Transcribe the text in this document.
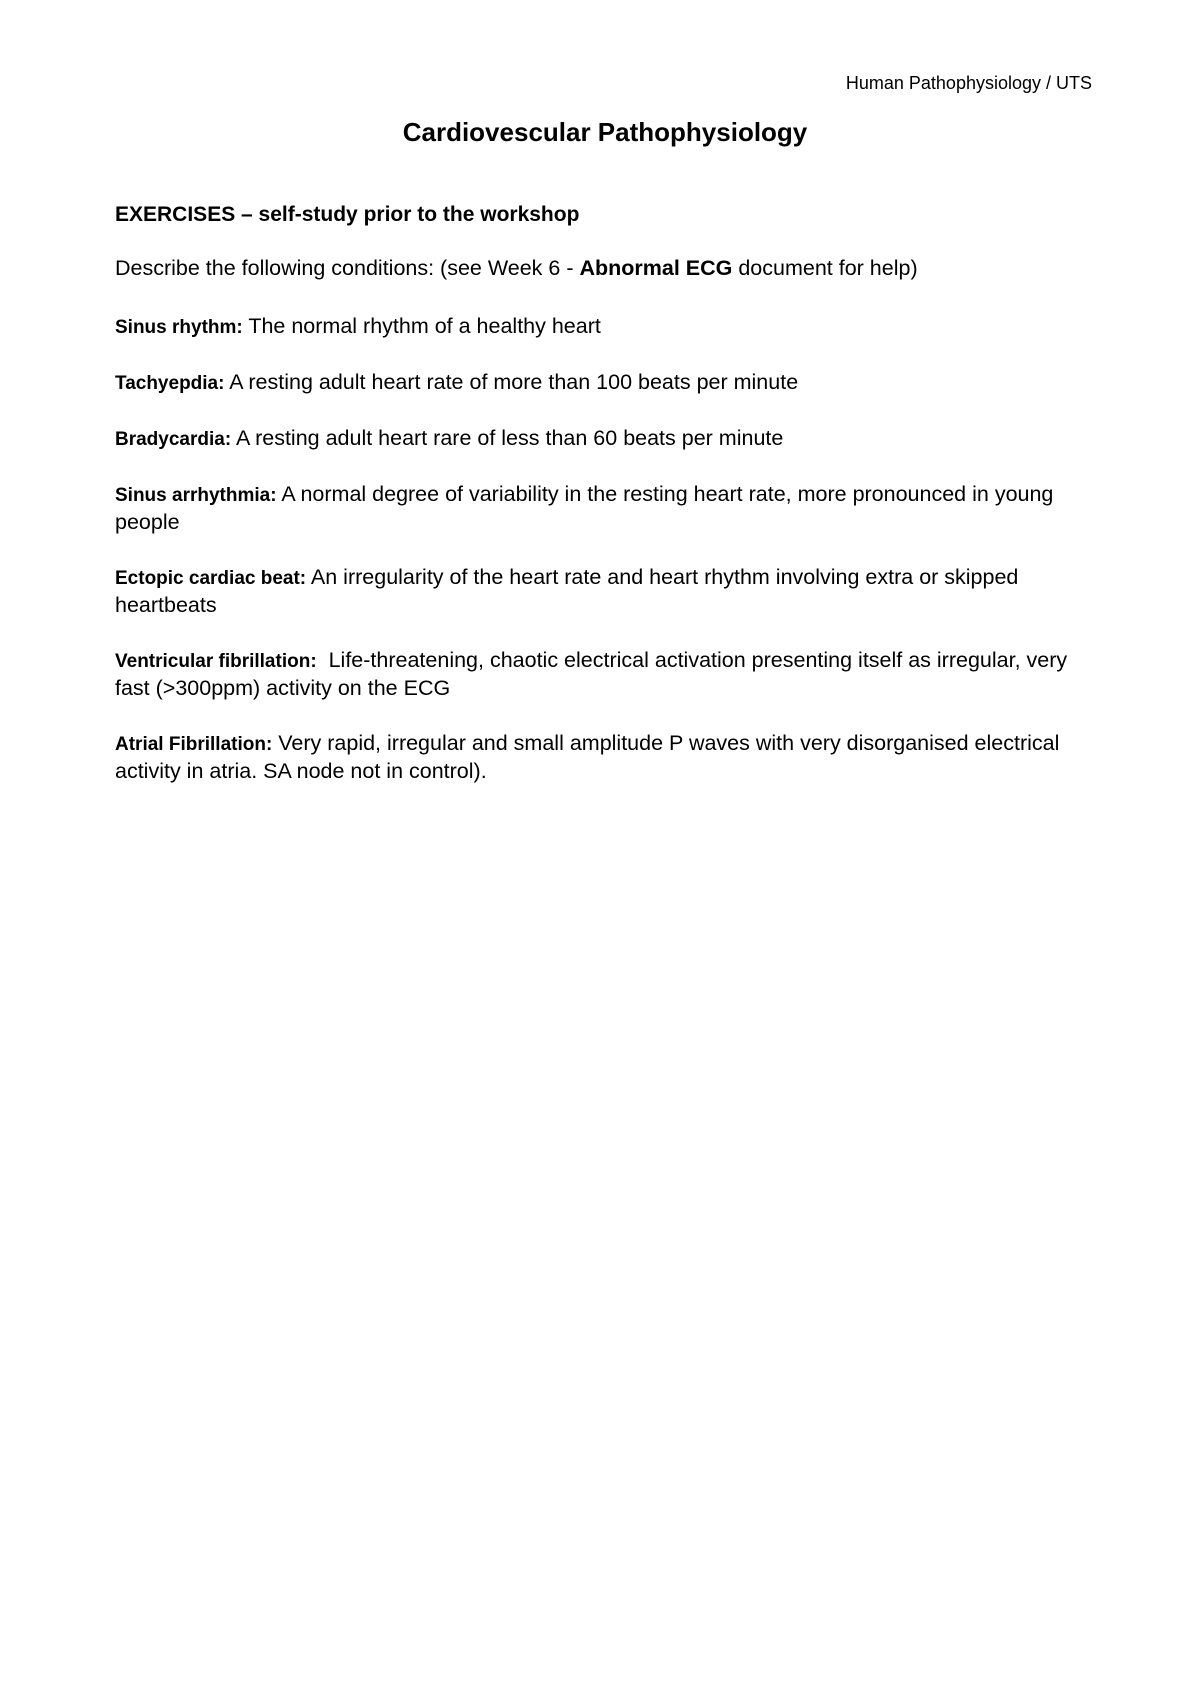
Human Pathophysiology / UTS
Cardiovescular Pathophysiology

EXERCISES – self-study prior to the workshop

Describe the following conditions: (see Week 6 - Abnormal ECG document for help)

Sinus rhythm: The normal rhythm of a healthy heart
Tachyepdia: A resting adult heart rate of more than 100 beats per minute
Bradycardia: A resting adult heart rare of less than 60 beats per minute
Sinus arrhythmia: A normal degree of variability in the resting heart rate, more pronounced in young people
Ectopic cardiac beat: An irregularity of the heart rate and heart rhythm involving extra or skipped heartbeats
Ventricular fibrillation:  Life-threatening, chaotic electrical activation presenting itself as irregular, very fast (>300ppm) activity on the ECG
Atrial Fibrillation: Very rapid, irregular and small amplitude P waves with very disorganised electrical activity in atria. SA node not in control).
